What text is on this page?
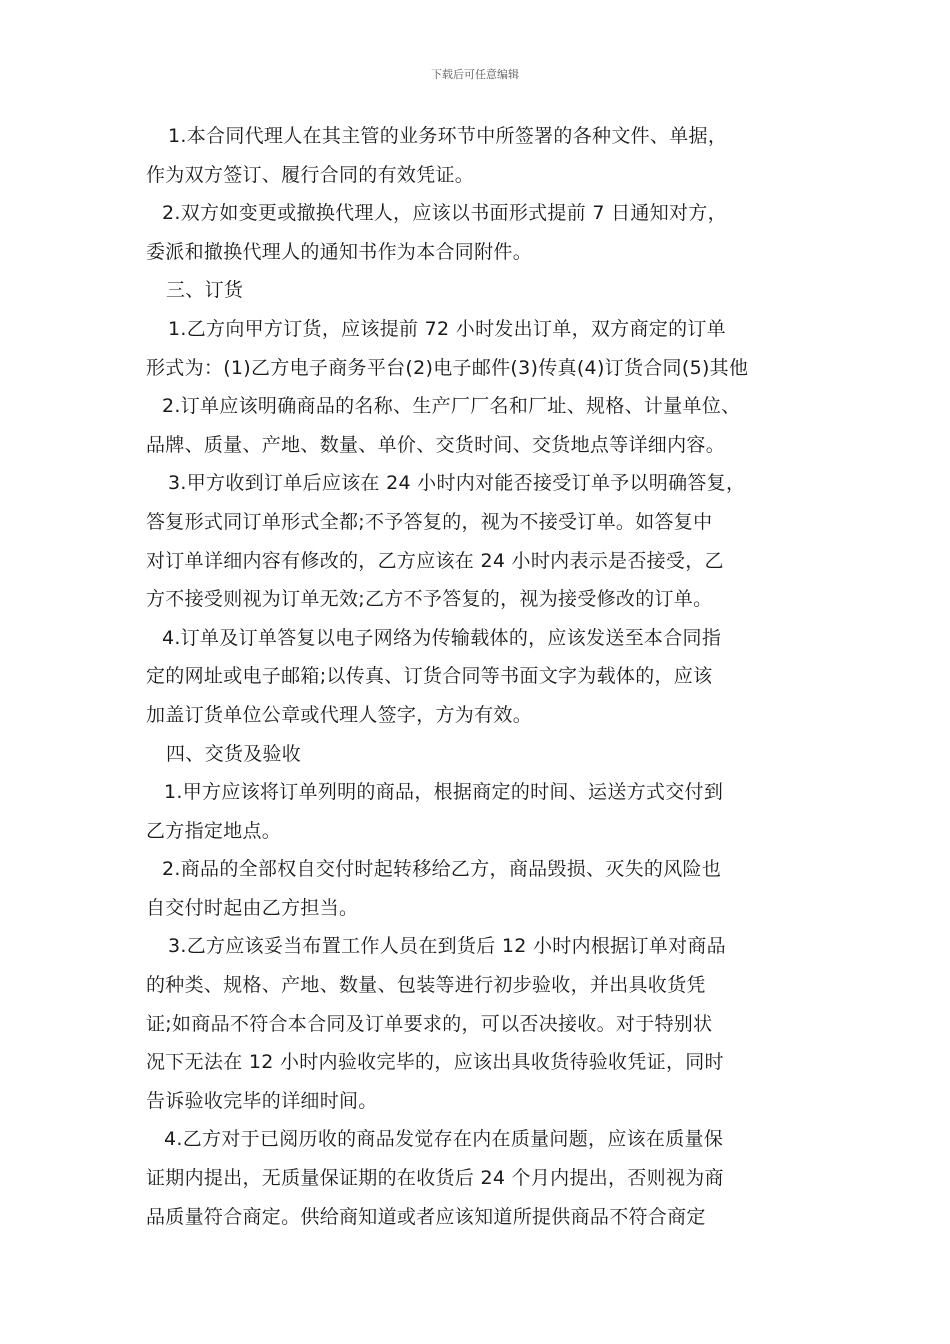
下载后可任意编辑
1.本合同代理人在其主管的业务环节中所签署的各种文件、单据，
作为双方签订、履行合同的有效凭证。
2.双方如变更或撤换代理人，应该以书面形式提前 7 日通知对方，
委派和撤换代理人的通知书作为本合同附件。
三、订货
1.乙方向甲方订货，应该提前 72 小时发出订单，双方商定的订单
形式为：(1)乙方电子商务平台(2)电子邮件(3)传真(4)订货合同(5)其他
2.订单应该明确商品的名称、生产厂厂名和厂址、规格、计量单位、
品牌、质量、产地、数量、单价、交货时间、交货地点等详细内容。
3.甲方收到订单后应该在 24 小时内对能否接受订单予以明确答复，
答复形式同订单形式全都;不予答复的，视为不接受订单。如答复中
对订单详细内容有修改的，乙方应该在 24 小时内表示是否接受，乙
方不接受则视为订单无效;乙方不予答复的，视为接受修改的订单。
4.订单及订单答复以电子网络为传输载体的，应该发送至本合同指
定的网址或电子邮箱;以传真、订货合同等书面文字为载体的，应该
加盖订货单位公章或代理人签字，方为有效。
四、交货及验收
1.甲方应该将订单列明的商品，根据商定的时间、运送方式交付到
乙方指定地点。
2.商品的全部权自交付时起转移给乙方，商品毁损、灭失的风险也
自交付时起由乙方担当。
3.乙方应该妥当布置工作人员在到货后 12 小时内根据订单对商品
的种类、规格、产地、数量、包装等进行初步验收，并出具收货凭
证;如商品不符合本合同及订单要求的，可以否决接收。对于特别状
况下无法在 12 小时内验收完毕的，应该出具收货待验收凭证，同时
告诉验收完毕的详细时间。
4.乙方对于已阅历收的商品发觉存在内在质量问题，应该在质量保
证期内提出，无质量保证期的在收货后 24 个月内提出，否则视为商
品质量符合商定。供给商知道或者应该知道所提供商品不符合商定
